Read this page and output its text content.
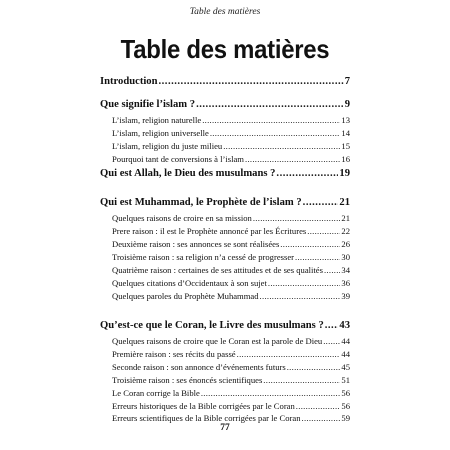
Table des matières
Table des matières
Introduction .....	7
Que signifie l’islam ? .....	9
L’islam, religion naturelle .....	13
L’islam, religion universelle .....	14
L’islam, religion du juste milieu .....	15
Pourquoi tant de conversions à l’islam .....	16
Qui est Allah, le Dieu des musulmans ? .....	19
Qui est Muhammad, le Prophète de l’islam ? .....	21
Quelques raisons de croire en sa mission .....	21
Prere raison : il est le Prophète annoncé par les Écritures .....	22
Deuxième raison : ses annonces se sont réalisées .....	26
Troisième raison : sa religion n’a cessé de progresser .....	30
Quatrième raison : certaines de ses attitudes et de ses qualités ..... 34
Quelques citations d’Occidentaux à son sujet .....	36
Quelques paroles du Prophète Muhammad .....	39
Qu’est-ce que le Coran, le Livre des musulmans ? ..... 43
Quelques raisons de croire que le Coran est la parole de Dieu ..... 44
Première raison : ses récits du passé .....	44
Seconde raison : son annonce d’événements futurs .....	45
Troisième raison : ses énoncés scientifiques .....	51
Le Coran corrige la Bible .....	56
Erreurs historiques de la Bible corrigées par le Coran .....	56
Erreurs scientifiques de la Bible corrigées par le Coran .....	59
77
